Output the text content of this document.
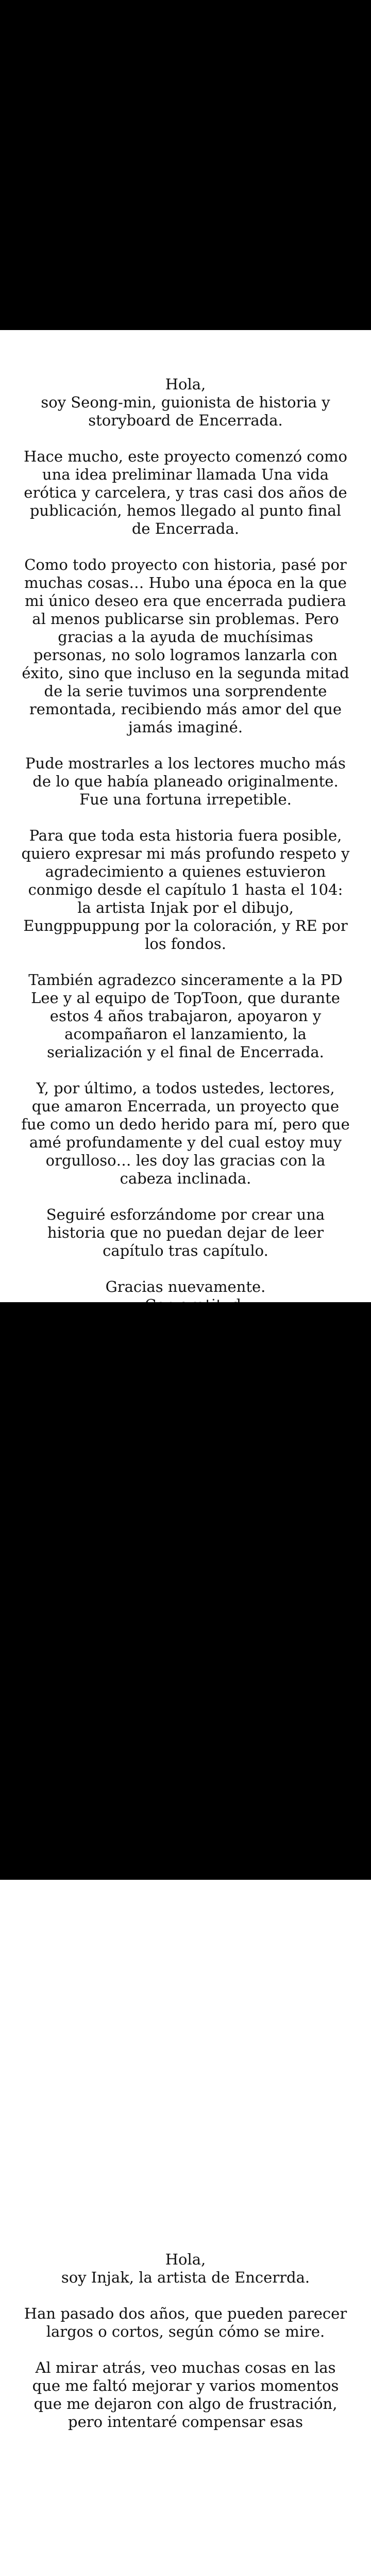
Hola,

soy Seong-min, guionista de historia y storyboard de Encerrada.

Hace mucho, este proyecto comenzó como una idea preliminar llamada Una vida erótica y carcelera, y tras casi dos años de publicación, hemos llegado al punto final de Encerrada.

Como todo proyecto con historia, pasé por muchas cosas… Hubo una época en la que mi único deseo era que encerrada pudiera al menos publicarse sin problemas. Pero gracias a la ayuda de muchísimas personas, no solo logramos lanzarla con éxito, sino que incluso en la segunda mitad de la serie tuvimos una sorprendente remontada, recibiendo más amor del que jamás imaginé.

Pude mostrarles a los lectores mucho más de lo que había planeado originalmente. Fue una fortuna irrepetible.

Para que toda esta historia fuera posible, quiero expresar mi más profundo respeto y agradecimiento a quienes estuvieron conmigo desde el capítulo 1 hasta el 104: la artista Injak por el dibujo, Eungppuppung por la coloración, y RE por los fondos.

También agradezco sinceramente a la PD Lee y al equipo de TopToon, que durante estos 4 años trabajaron, apoyaron y acompañaron el lanzamiento, la serialización y el final de Encerrada.

Y, por último, a todos ustedes, lectores, que amaron Encerrada, un proyecto que fue como un dedo herido para mí, pero que amé profundamente y del cual estoy muy orgulloso… les doy las gracias con la cabeza inclinada.

Seguiré esforzándome por crear una historia que no puedan dejar de leer capítulo tras capítulo.

Gracias nuevamente.

Hola,

soy Injak, la artista de Encerrda.

Han pasado dos años, que pueden parecer largos o cortos, según cómo se mire.

Al mirar atrás, veo muchas cosas en las que me faltó mejorar y varios momentos que me dejaron con algo de frustración, pero intentaré compensar esas
